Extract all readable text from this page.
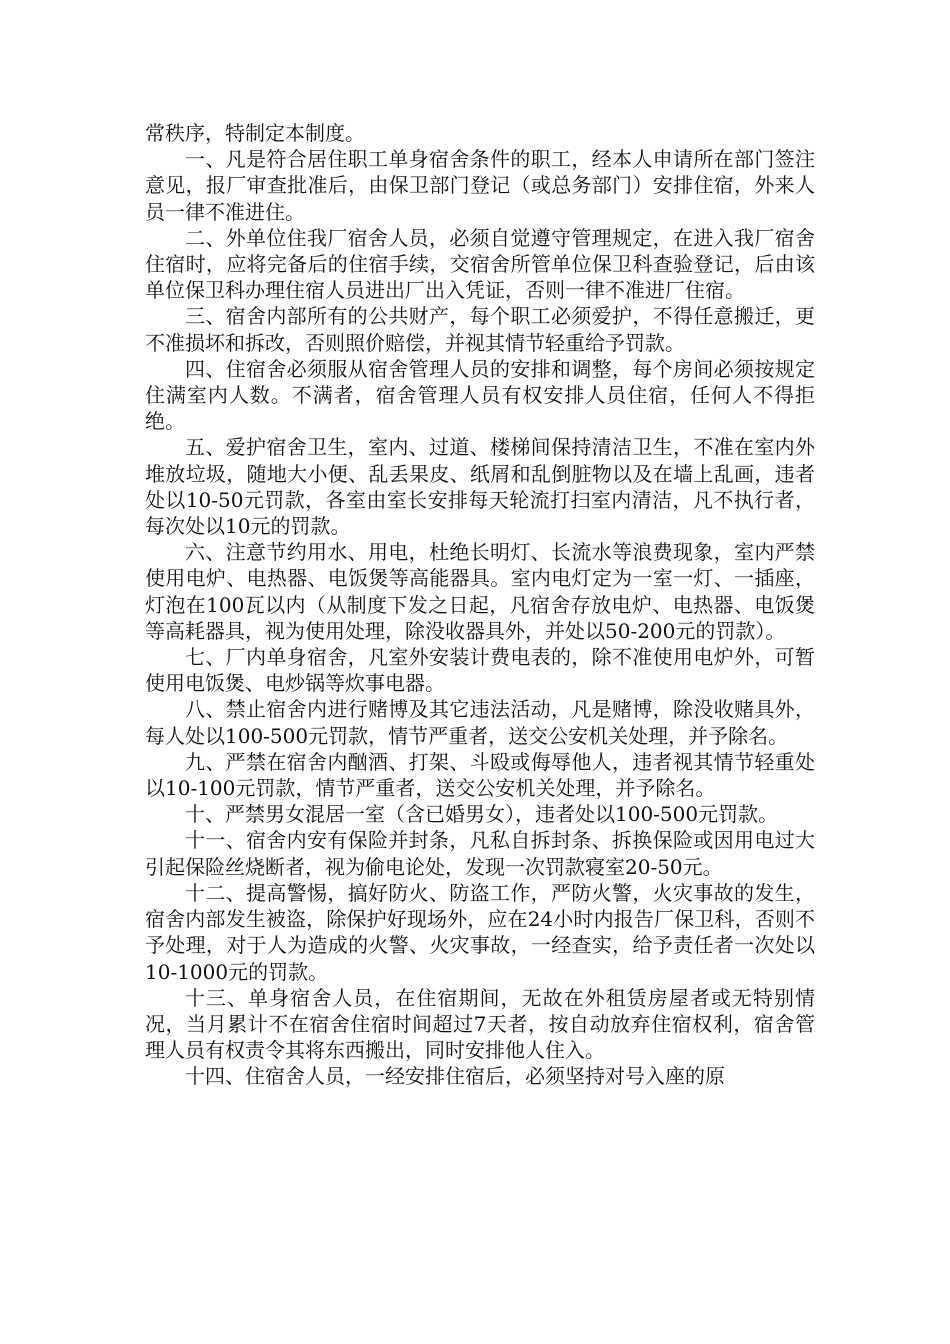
常秩序，特制定本制度。

一、凡是符合居住职工单身宿舍条件的职工，经本人申请所在部门签注意见，报厂审查批准后，由保卫部门登记（或总务部门）安排住宿，外来人员一律不准进住。

二、外单位住我厂宿舍人员，必须自觉遵守管理规定，在进入我厂宿舍住宿时，应将完备后的住宿手续，交宿舍所管单位保卫科查验登记，后由该单位保卫科办理住宿人员进出厂出入凭证，否则一律不准进厂住宿。

三、宿舍内部所有的公共财产，每个职工必须爱护，不得任意搬迁，更不准损坏和拆改，否则照价赔偿，并视其情节轻重给予罚款。

四、住宿舍必须服从宿舍管理人员的安排和调整，每个房间必须按规定住满室内人数。不满者，宿舍管理人员有权安排人员住宿，任何人不得拒绝。

五、爱护宿舍卫生，室内、过道、楼梯间保持清洁卫生，不准在室内外堆放垃圾，随地大小便、乱丢果皮、纸屑和乱倒脏物以及在墙上乱画，违者处以10-50元罚款，各室由室长安排每天轮流打扫室内清洁，凡不执行者，每次处以10元的罚款。

六、注意节约用水、用电，杜绝长明灯、长流水等浪费现象，室内严禁使用电炉、电热器、电饭煲等高能器具。室内电灯定为一室一灯、一插座，灯泡在100瓦以内（从制度下发之日起，凡宿舍存放电炉、电热器、电饭煲等高耗器具，视为使用处理，除没收器具外，并处以50-200元的罚款）。

七、厂内单身宿舍，凡室外安装计费电表的，除不准使用电炉外，可暂使用电饭煲、电炒锅等炊事电器。

八、禁止宿舍内进行赌博及其它违法活动，凡是赌博，除没收赌具外，每人处以100-500元罚款，情节严重者，送交公安机关处理，并予除名。

九、严禁在宿舍内酗酒、打架、斗殴或侮辱他人，违者视其情节轻重处以10-100元罚款，情节严重者，送交公安机关处理，并予除名。

十、严禁男女混居一室（含已婚男女），违者处以100-500元罚款。

十一、宿舍内安有保险并封条，凡私自拆封条、拆换保险或因用电过大引起保险丝烧断者，视为偷电论处，发现一次罚款寝室20-50元。

十二、提高警惕，搞好防火、防盗工作，严防火警，火灾事故的发生，宿舍内部发生被盗，除保护好现场外，应在24小时内报告厂保卫科，否则不予处理，对于人为造成的火警、火灾事故，一经查实，给予责任者一次处以10-1000元的罚款。

十三、单身宿舍人员，在住宿期间，无故在外租赁房屋者或无特别情况，当月累计不在宿舍住宿时间超过7天者，按自动放弃住宿权利，宿舍管理人员有权责令其将东西搬出，同时安排他人住入。

十四、住宿舍人员，一经安排住宿后，必须坚持对号入座的原
